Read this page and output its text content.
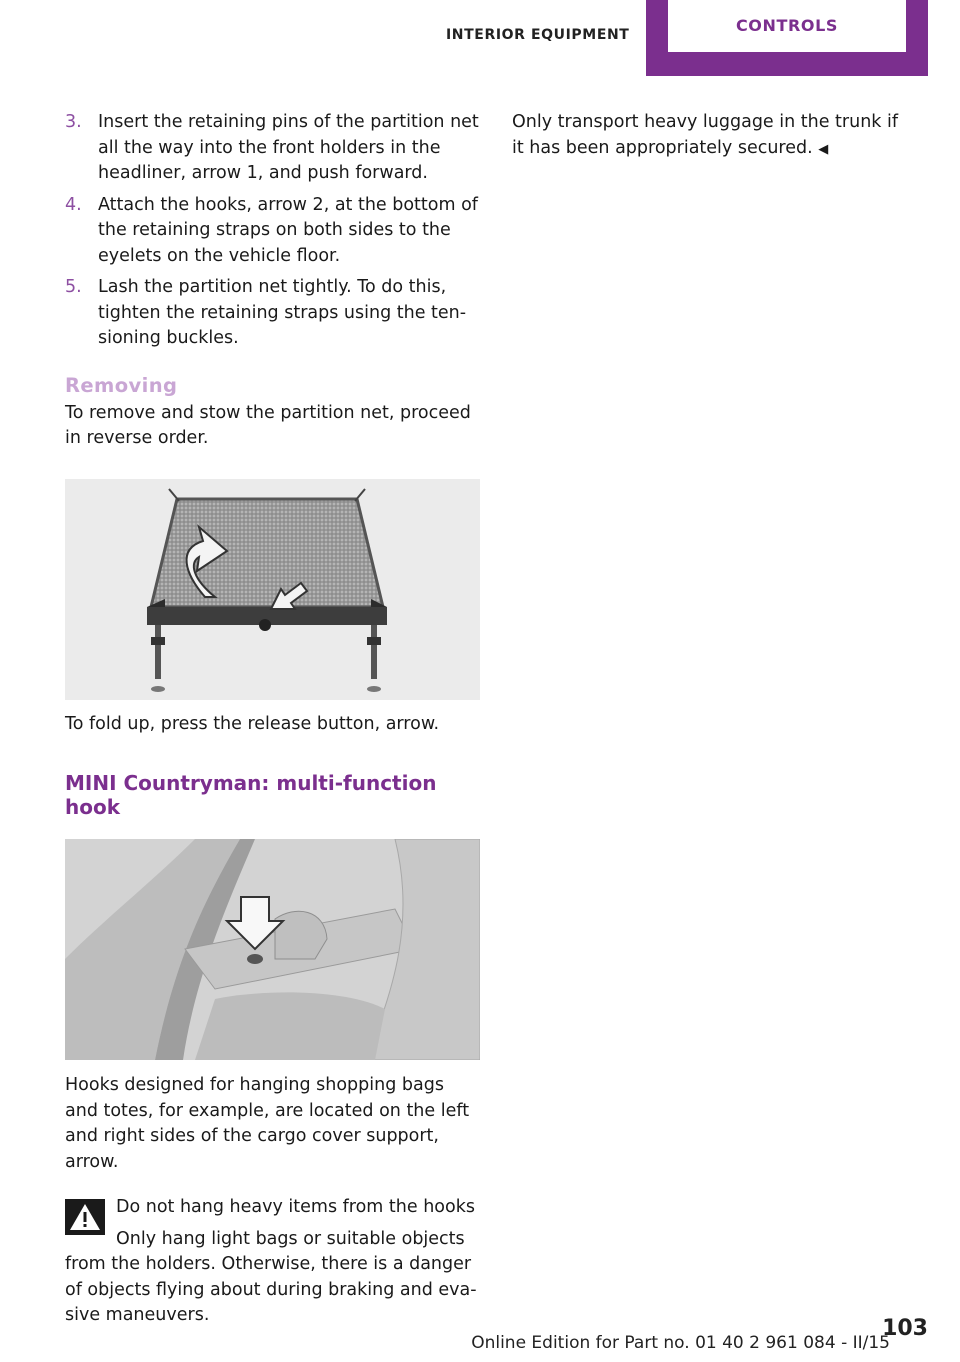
INTERIOR EQUIPMENT	CONTROLS
3. Insert the retaining pins of the partition net all the way into the front holders in the headliner, arrow 1, and push forward.
4. Attach the hooks, arrow 2, at the bottom of the retaining straps on both sides to the eyelets on the vehicle floor.
5. Lash the partition net tightly. To do this, tighten the retaining straps using the ten‐sioning buckles.
Removing

To remove and stow the partition net, proceed in reverse order.

To fold up, press the release button, arrow.

MINI Countryman: multi-function hook

Hooks designed for hanging shopping bags and totes, for example, are located on the left and right sides of the cargo cover support, arrow.

Do not hang heavy items from the hooks
Only hang light bags or suitable objects from the holders. Otherwise, there is a danger of objects flying about during braking and eva‐sive maneuvers.

Only transport heavy luggage in the trunk if it has been appropriately secured. ◀

103
Online Edition for Part no. 01 40 2 961 084 - II/15
